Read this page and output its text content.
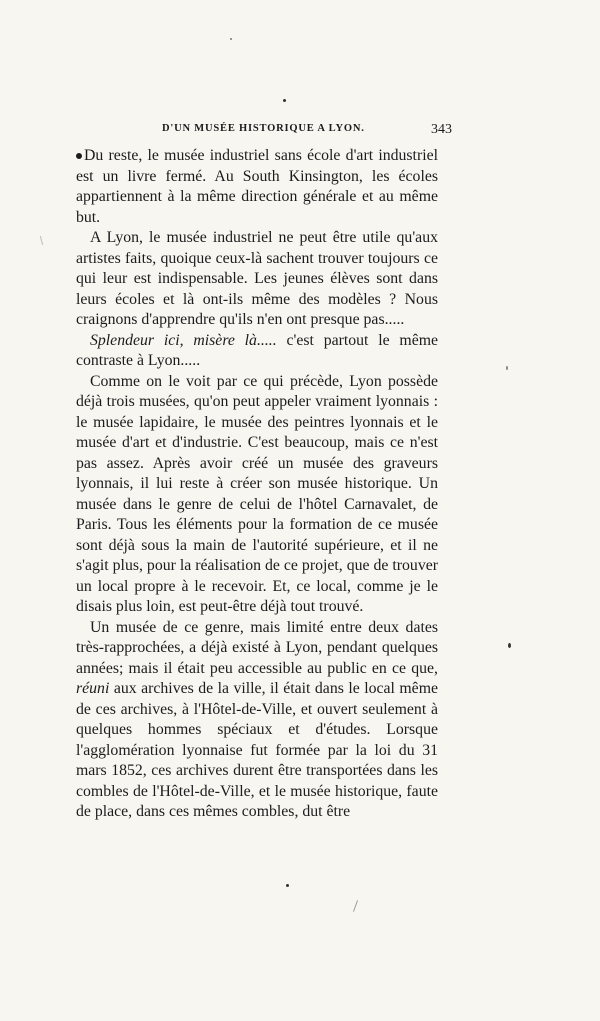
D'UN MUSÉE HISTORIQUE A LYON.	343

Du reste, le musée industriel sans école d'art industriel est un livre fermé. Au South Kinsington, les écoles appartiennent à la même direction générale et au même but.

A Lyon, le musée industriel ne peut être utile qu'aux artistes faits, quoique ceux-là sachent trouver toujours ce qui leur est indispensable. Les jeunes élèves sont dans leurs écoles et là ont-ils même des modèles ? Nous craignons d'apprendre qu'ils n'en ont presque pas.....

Splendeur ici, misère là..... c'est partout le même contraste à Lyon.....

Comme on le voit par ce qui précède, Lyon possède déjà trois musées, qu'on peut appeler vraiment lyonnais : le musée lapidaire, le musée des peintres lyonnais et le musée d'art et d'industrie. C'est beaucoup, mais ce n'est pas assez. Après avoir créé un musée des graveurs lyonnais, il lui reste à créer son musée historique. Un musée dans le genre de celui de l'hôtel Carnavalet, de Paris. Tous les éléments pour la formation de ce musée sont déjà sous la main de l'autorité supérieure, et il ne s'agit plus, pour la réalisation de ce projet, que de trouver un local propre à le recevoir. Et, ce local, comme je le disais plus loin, est peut-être déjà tout trouvé.

Un musée de ce genre, mais limité entre deux dates très-rapprochées, a déjà existé à Lyon, pendant quelques années; mais il était peu accessible au public en ce que, réuni aux archives de la ville, il était dans le local même de ces archives, à l'Hôtel-de-Ville, et ouvert seulement à quelques hommes spéciaux et d'études. Lorsque l'agglomération lyonnaise fut formée par la loi du 31 mars 1852, ces archives durent être transportées dans les combles de l'Hôtel-de-Ville, et le musée historique, faute de place, dans ces mêmes combles, dut être
